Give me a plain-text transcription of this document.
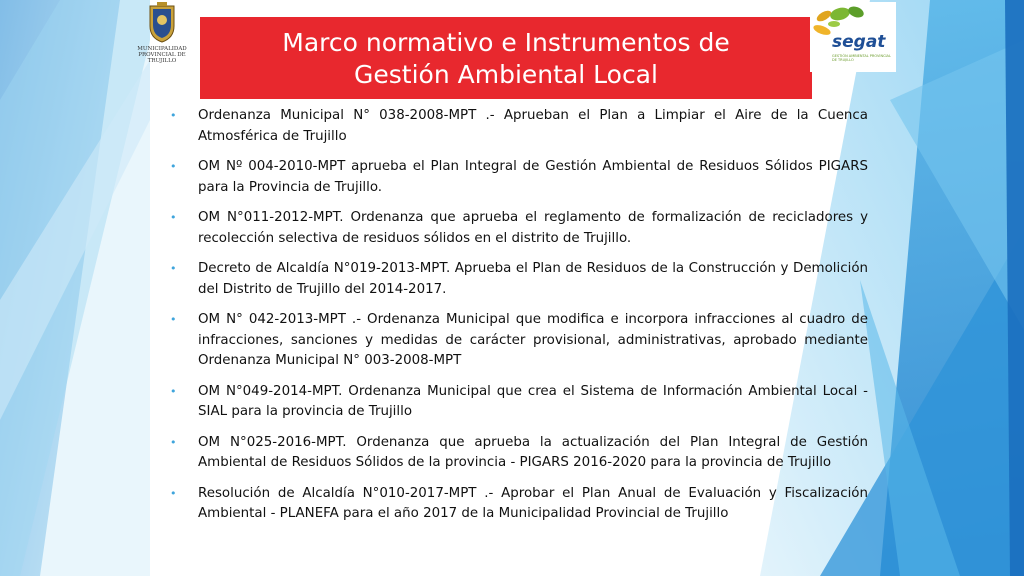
MUNICIPALIDAD PROVINCIAL DE TRUJILLO
Marco normativo e Instrumentos de
Gestión Ambiental Local
segat
GESTIÓN AMBIENTAL PROVINCIAL DE TRUJILLO
• Ordenanza Municipal N° 038-2008-MPT .- Aprueban el Plan a Limpiar el Aire de la Cuenca Atmosférica de Trujillo
• OM Nº 004-2010-MPT aprueba el Plan Integral de Gestión Ambiental de Residuos Sólidos PIGARS para la Provincia de Trujillo.
• OM N°011-2012-MPT. Ordenanza que aprueba el reglamento de formalización de recicladores y recolección selectiva de residuos sólidos en el distrito de Trujillo.
• Decreto de Alcaldía N°019-2013-MPT. Aprueba el Plan de Residuos de la Construcción y Demolición del Distrito de Trujillo del 2014-2017.
• OM N° 042-2013-MPT .- Ordenanza Municipal que modifica e incorpora infracciones al cuadro de infracciones, sanciones y medidas de carácter provisional, administrativas, aprobado mediante Ordenanza Municipal N° 003-2008-MPT
• OM N°049-2014-MPT. Ordenanza Municipal que crea el Sistema de Información Ambiental Local - SIAL para la provincia de Trujillo
• OM N°025-2016-MPT. Ordenanza que aprueba la actualización del Plan Integral de Gestión Ambiental de Residuos Sólidos de la provincia - PIGARS 2016-2020 para la provincia de Trujillo
• Resolución de Alcaldía N°010-2017-MPT .- Aprobar el Plan Anual de Evaluación y Fiscalización Ambiental - PLANEFA para el año 2017 de la Municipalidad Provincial de Trujillo
